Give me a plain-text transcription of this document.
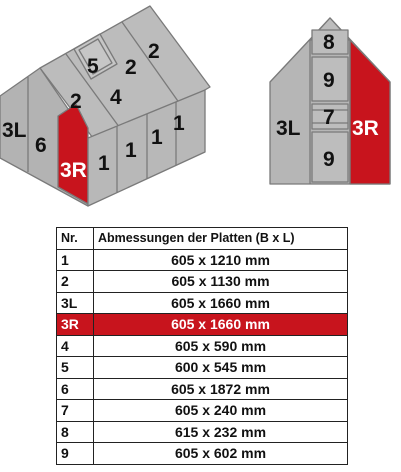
5 2
2
4
2
3L
6
3R 1
1
1
1
8
9
7
9
3L 3R
Nr.	Abmessungen der Platten (B x L)
1	605 x 1210 mm
2	605 x 1130 mm
3L	605 x 1660 mm
3R	605 x 1660 mm
4	605 x 590 mm
5	600 x 545 mm
6	605 x 1872 mm
7	605 x 240 mm
8	615 x 232 mm
9	605 x 602 mm
